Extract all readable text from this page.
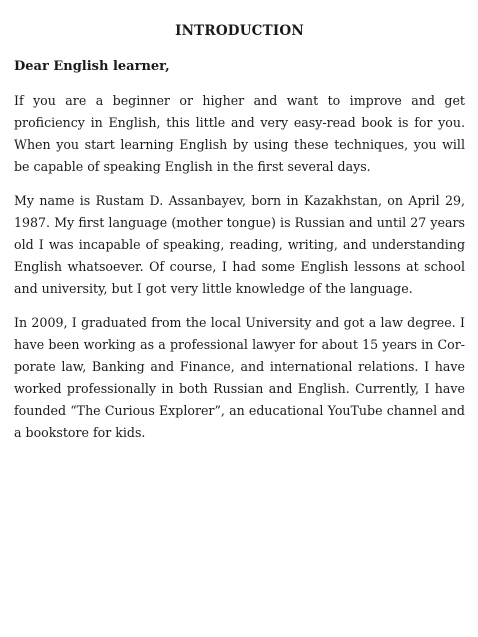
INTRODUCTION
Dear English learner,

If you are a beginner or higher and want to improve and get proficiency in English, this little and very easy-read book is for you. When you start learning English by using these techniques, you will be capable of speaking English in the first several days.

My name is Rustam D. Assanbayev, born in Kazakhstan, on April 29, 1987. My first language (mother tongue) is Russian and until 27 years old I was incapable of speaking, reading, writing, and understanding English whatsoever. Of course, I had some English lessons at school and university, but I got very little knowledge of the language.

In 2009, I graduated from the local University and got a law degree. I have been working as a professional lawyer for about 15 years in Corporate law, Banking and Finance, and international relations. I have worked professionally in both Russian and English. Currently, I have founded “The Curious Explorer”, an educational YouTube channel and a bookstore for kids.
